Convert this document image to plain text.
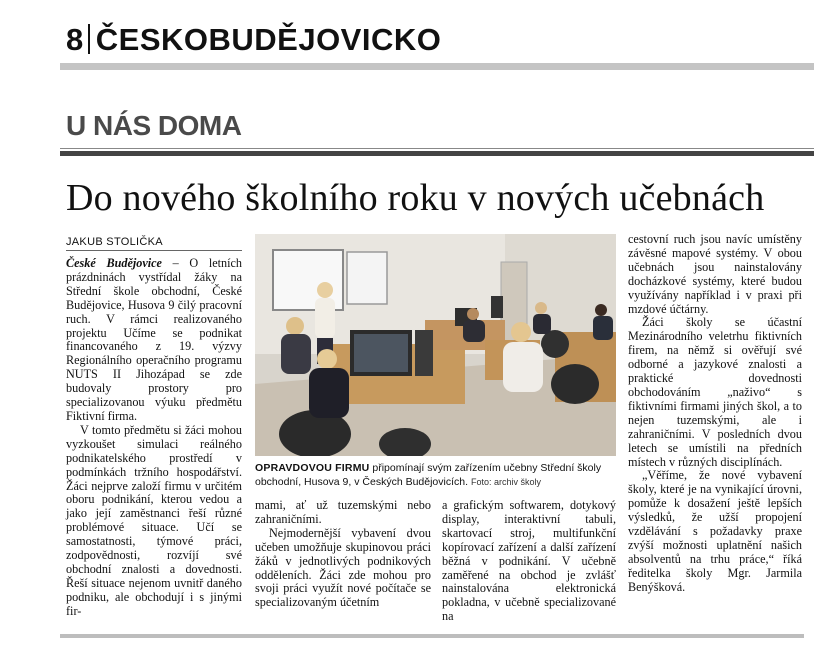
8 ČESKOBUDĚJOVICKO
U NÁS DOMA
Do nového školního roku v nových učebnách
JAKUB STOLIČKA

České Budějovice – O letních prázdninách vystřídal žáky na Střední škole obchodní, České Budějovice, Husova 9 čilý pracovní ruch. V rámci realizovaného projektu Učíme se podnikat financovaného z 19. výzvy Regionálního operačního programu NUTS II Jihozápad se zde budovaly prostory pro specializovanou výuku předmětu Fiktivní firma.

V tomto předmětu si žáci mohou vyzkoušet simulaci reálného podnikatelského prostředí v podmínkách tržního hospodářství. Žáci nejprve založí firmu v určitém oboru podnikání, kterou vedou a jako její zaměstnanci řeší různé problémové situace. Učí se samostatnosti, týmové práci, zodpovědnosti, rozvíjí své obchodní znalosti a dovednosti. Řeší situace nejenom uvnitř daného podniku, ale obchodují i s jinými fir-

OPRAVDOVOU FIRMU připomínají svým zařízením učebny Střední školy obchodní, Husova 9, v Českých Budějovicích. Foto: archiv školy

mami, ať už tuzemskými nebo zahraničními.

Nejmodernější vybavení dvou učeben umožňuje skupinovou práci žáků v jednotlivých podnikových odděleních. Žáci zde mohou pro svoji práci využít nové počítače se specializovaným účetním

a grafickým softwarem, dotykový display, interaktivní tabuli, skartovací stroj, multifunkční kopírovací zařízení a další zařízení běžná v podnikání. V učebně zaměřené na obchod je zvlášť nainstalována elektronická pokladna, v učebně specializované na

cestovní ruch jsou navíc umístěny závěsné mapové systémy. V obou učebnách jsou nainstalovány docházkové systémy, které budou využívány například i v praxi při mzdové účtárny.

Žáci školy se účastní Mezinárodního veletrhu fiktivních firem, na němž si ověřují své odborné a jazykové znalosti a praktické dovednosti obchodováním „naživo“ s fiktivními firmami jiných škol, a to nejen tuzemskými, ale i zahraničními. V posledních dvou letech se umístili na předních místech v různých disciplínách.

„Věříme, že nové vybavení školy, které je na vynikající úrovni, pomůže k dosažení ještě lepších výsledků, že užší propojení vzdělávání s požadavky praxe zvýší možnosti uplatnění našich absolventů na trhu práce,“ říká ředitelka školy Mgr. Jarmila Benýšková.
